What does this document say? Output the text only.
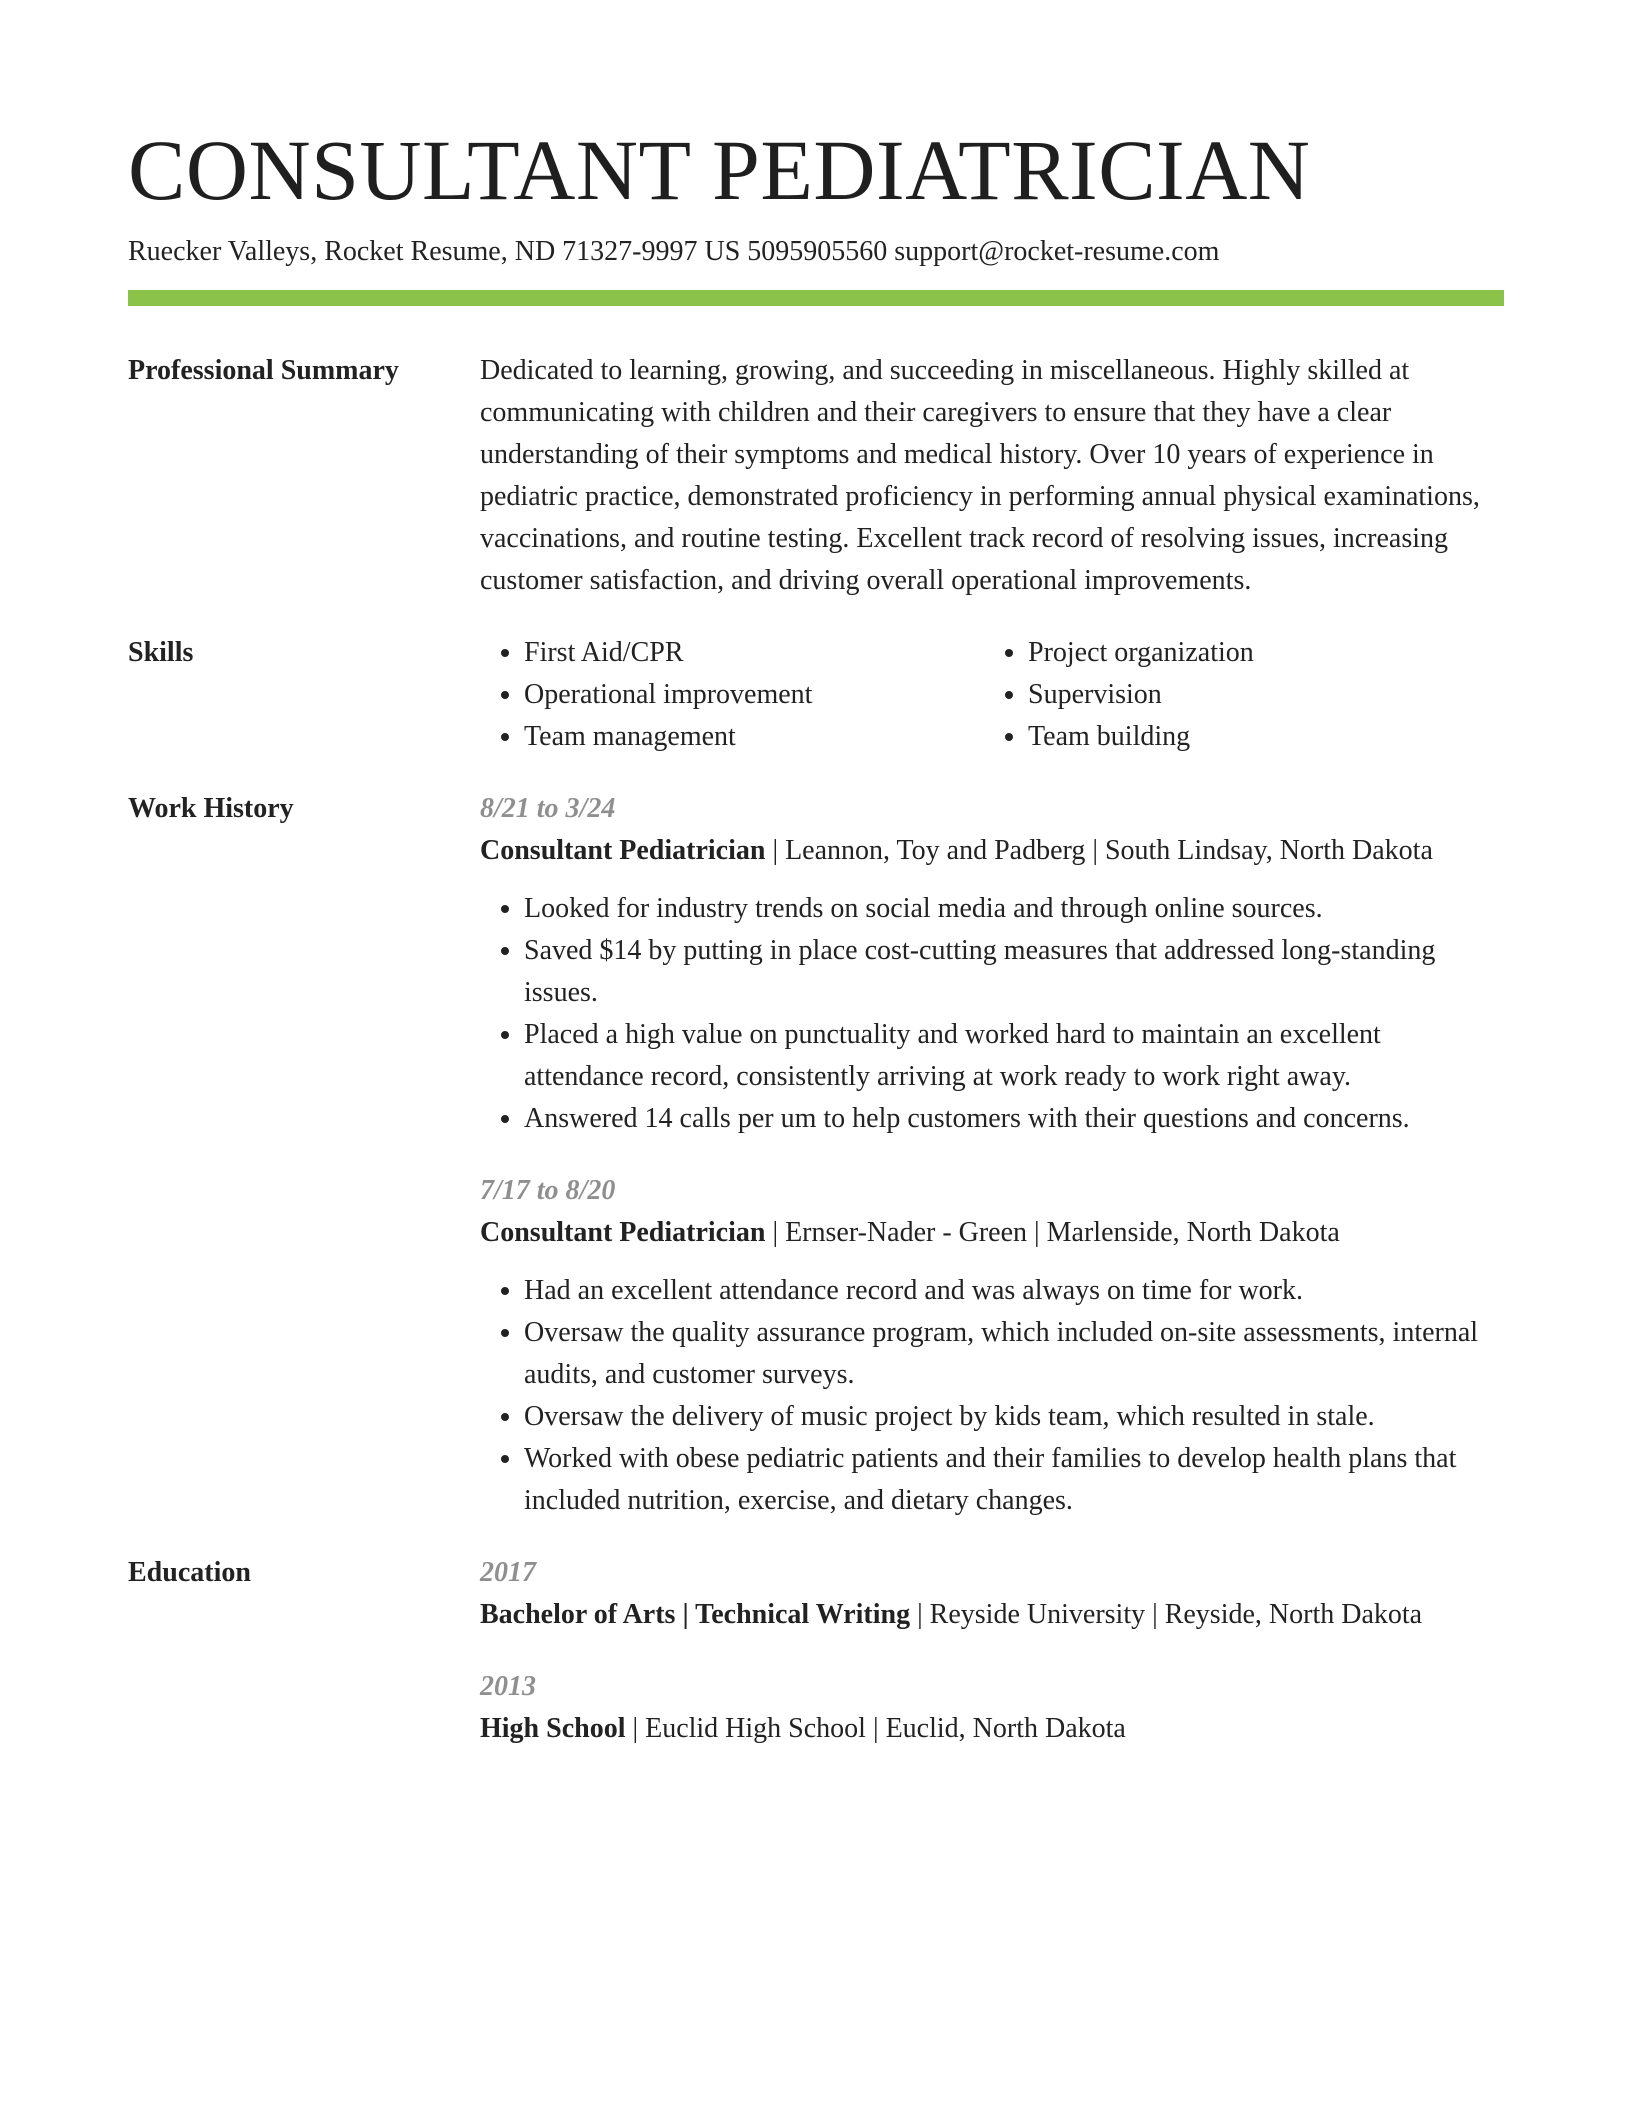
CONSULTANT PEDIATRICIAN
Ruecker Valleys, Rocket Resume, ND 71327-9997 US 5095905560 support@rocket-resume.com
Professional Summary	Dedicated to learning, growing, and succeeding in miscellaneous. Highly skilled at communicating with children and their caregivers to ensure that they have a clear understanding of their symptoms and medical history. Over 10 years of experience in pediatric practice, demonstrated proficiency in performing annual physical examinations, vaccinations, and routine testing. Excellent track record of resolving issues, increasing customer satisfaction, and driving overall operational improvements.

Skills
•	First Aid/CPR
• Operational improvement
• Team management
• Project organization
• Supervision
• Team building
Work History	8/21 to 3/24
Consultant Pediatrician | Leannon, Toy and Padberg | South Lindsay, North Dakota
• Looked for industry trends on social media and through online sources.
• Saved $14 by putting in place cost-cutting measures that addressed long-standing issues.
• Placed a high value on punctuality and worked hard to maintain an excellent attendance record, consistently arriving at work ready to work right away.
• Answered 14 calls per um to help customers with their questions and concerns.
7/17 to 8/20
Consultant Pediatrician | Ernser-Nader - Green | Marlenside, North Dakota
• Had an excellent attendance record and was always on time for work.
• Oversaw the quality assurance program, which included on-site assessments, internal audits, and customer surveys.
• Oversaw the delivery of music project by kids team, which resulted in stale.
• Worked with obese pediatric patients and their families to develop health plans that included nutrition, exercise, and dietary changes.
Education	2017
Bachelor of Arts | Technical Writing | Reyside University | Reyside, North Dakota
2013
High School | Euclid High School | Euclid, North Dakota
